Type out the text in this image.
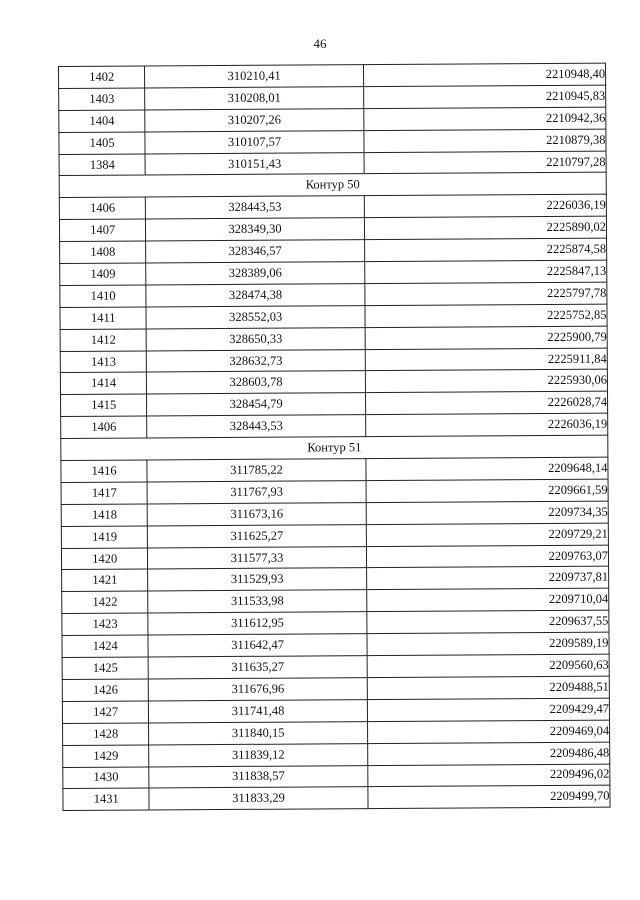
46
1402	310210,41	2210948,40
1403	310208,01	2210945,83
1404	310207,26	2210942,36
1405	310107,57	2210879,38
1384	310151,43	2210797,28
Контур 50		
1406	328443,53	2226036,19
1407	328349,30	2225890,02
1408	328346,57	2225874,58
1409	328389,06	2225847,13
1410	328474,38	2225797,78
1411	328552,03	2225752,85
1412	328650,33	2225900,79
1413	328632,73	2225911,84
1414	328603,78	2225930,06
1415	328454,79	2226028,74
1406	328443,53	2226036,19
Контур 51		
1416	311785,22	2209648,14
1417	311767,93	2209661,59
1418	311673,16	2209734,35
1419	311625,27	2209729,21
1420	311577,33	2209763,07
1421	311529,93	2209737,81
1422	311533,98	2209710,04
1423	311612,95	2209637,55
1424	311642,47	2209589,19
1425	311635,27	2209560,63
1426	311676,96	2209488,51
1427	311741,48	2209429,47
1428	311840,15	2209469,04
1429	311839,12	2209486,48
1430	311838,57	2209496,02
1431	311833,29	2209499,70
